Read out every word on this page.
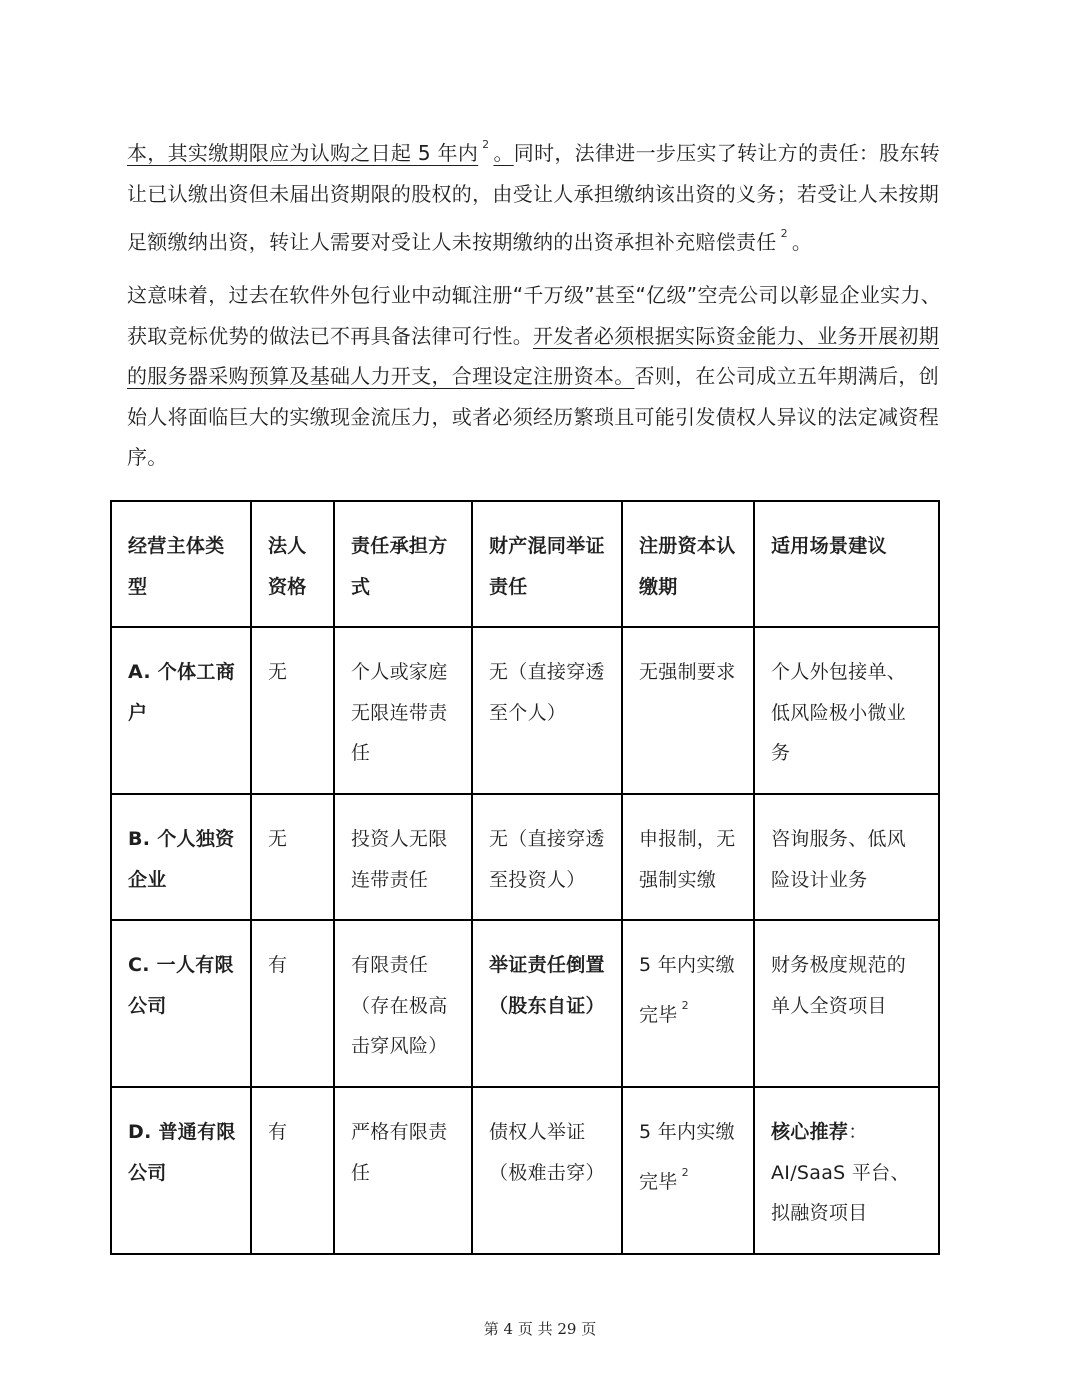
本，其实缴期限应为认购之日起 5 年内 $^2$ 。同时，法律进一步压实了转让方的责任：股东转让已认缴出资但未届出资期限的股权的，由受让人承担缴纳该出资的义务；若受让人未按期足额缴纳出资，转让人需要对受让人未按期缴纳的出资承担补充赔偿责任 $^2$ 。

这意味着，过去在软件外包行业中动辄注册“千万级”甚至“亿级”空壳公司以彰显企业实力、获取竞标优势的做法已不再具备法律可行性。开发者必须根据实际资金能力、业务开展初期的服务器采购预算及基础人力开支，合理设定注册资本。否则，在公司成立五年期满后，创始人将面临巨大的实缴现金流压力，或者必须经历繁琐且可能引发债权人异议的法定减资程序。

经营主体类型	法人资格	责任承担方式	财产混同举证责任	注册资本认缴期	适用场景建议
A. 个体工商户	无	个人或家庭无限连带责任	无（直接穿透至个人）	无强制要求	个人外包接单、低风险极小微业务
B. 个人独资企业	无	投资人无限连带责任	无（直接穿透至投资人）	申报制，无强制实缴	咨询服务、低风险设计业务
C. 一人有限公司	有	有限责任 （存在极高击穿风险）	举证责任倒置（股东自证）	5 年内实缴完毕 $^2$	财务极度规范的单人全资项目
D. 普通有限公司	有	严格有限责任	债权人举证 （极难击穿）	5 年内实缴完毕 $^2$	核心推荐：AI/SaaS 平台、拟融资项目
第 4 页 共 29 页
